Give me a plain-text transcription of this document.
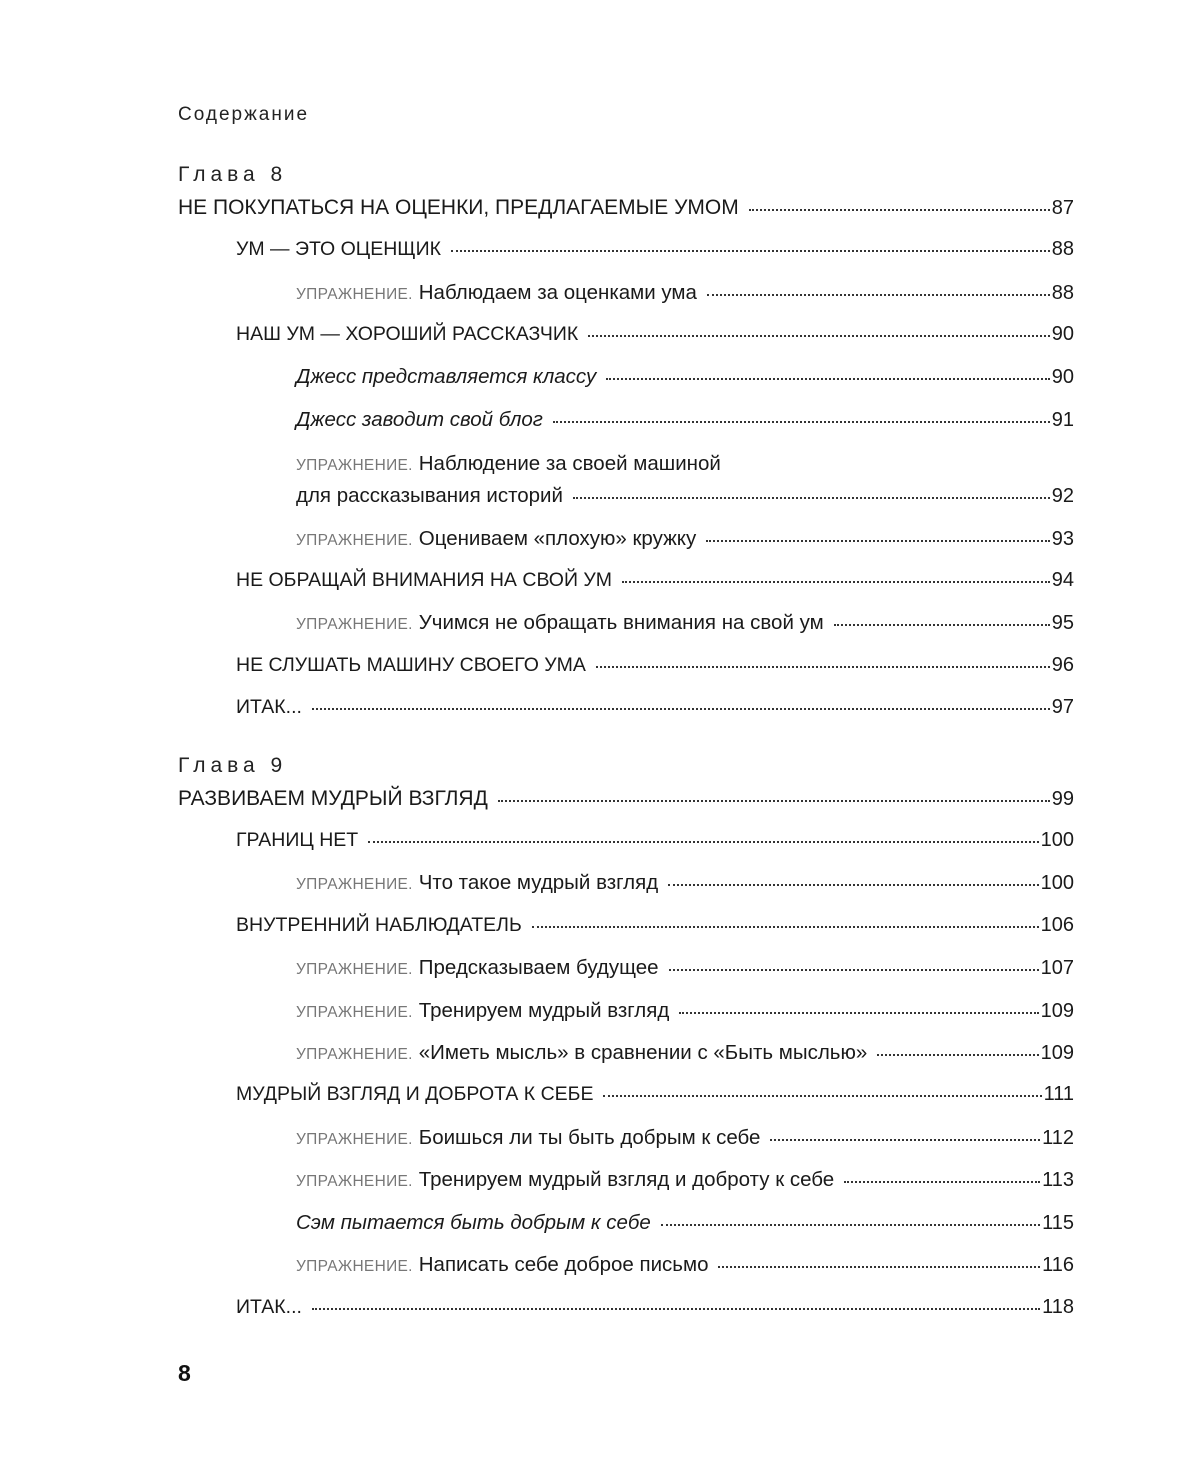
Содержание
Глава 8
НЕ ПОКУПАТЬСЯ НА ОЦЕНКИ, ПРЕДЛАГАЕМЫЕ УМОМ	87
УМ — ЭТО ОЦЕНЩИК	88
УПРАЖНЕНИЕ. Наблюдаем за оценками ума	88
НАШ УМ — ХОРОШИЙ РАССКАЗЧИК	90
Джесс представляется классу	90
Джесс заводит свой блог	91
УПРАЖНЕНИЕ. Наблюдение за своей машиной
для рассказывания историй	92
УПРАЖНЕНИЕ. Оцениваем «плохую» кружку	93
НЕ ОБРАЩАЙ ВНИМАНИЯ НА СВОЙ УМ	94
УПРАЖНЕНИЕ. Учимся не обращать внимания на свой ум	95
НЕ СЛУШАТЬ МАШИНУ СВОЕГО УМА	96
ИТАК...	97
Глава 9
РАЗВИВАЕМ МУДРЫЙ ВЗГЛЯД	99
ГРАНИЦ НЕТ	100
УПРАЖНЕНИЕ. Что такое мудрый взгляд	100
ВНУТРЕННИЙ НАБЛЮДАТЕЛЬ	106
УПРАЖНЕНИЕ. Предсказываем будущее	107
УПРАЖНЕНИЕ. Тренируем мудрый взгляд	109
УПРАЖНЕНИЕ. «Иметь мысль» в сравнении с «Быть мыслью»	109
МУДРЫЙ ВЗГЛЯД И ДОБРОТА К СЕБЕ	111
УПРАЖНЕНИЕ. Боишься ли ты быть добрым к себе	112
УПРАЖНЕНИЕ. Тренируем мудрый взгляд и доброту к себе	113
Сэм пытается быть добрым к себе	115
УПРАЖНЕНИЕ. Написать себе доброе письмо	116
ИТАК...	118
8
